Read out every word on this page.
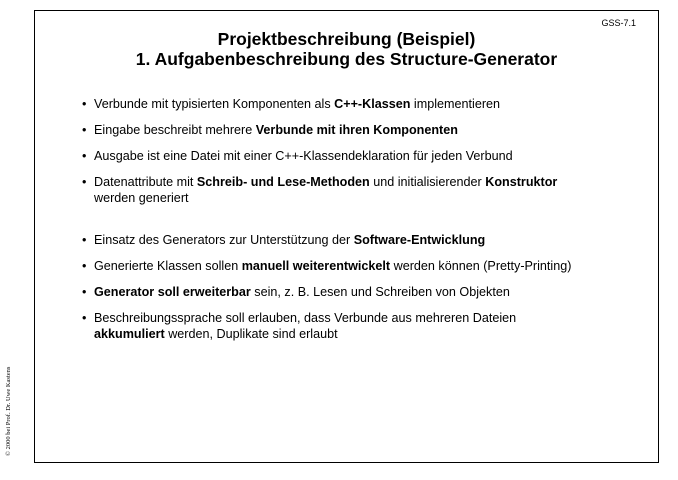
GSS-7.1
Projektbeschreibung (Beispiel)
1. Aufgabenbeschreibung des Structure-Generator
• Verbunde mit typisierten Komponenten als C++-Klassen implementieren
• Eingabe beschreibt mehrere Verbunde mit ihren Komponenten
• Ausgabe ist eine Datei mit einer C++-Klassendeklaration für jeden Verbund
• Datenattribute mit Schreib- und Lese-Methoden und initialisierender Konstruktor
werden generiert
• Einsatz des Generators zur Unterstützung der Software-Entwicklung
• Generierte Klassen sollen manuell weiterentwickelt werden können (Pretty-Printing)
• Generator soll erweiterbar sein, z. B. Lesen und Schreiben von Objekten
• Beschreibungssprache soll erlauben, dass Verbunde aus mehreren Dateien
akkumuliert werden, Duplikate sind erlaubt
© 2000 bei Prof. Dr. Uwe Kastens
